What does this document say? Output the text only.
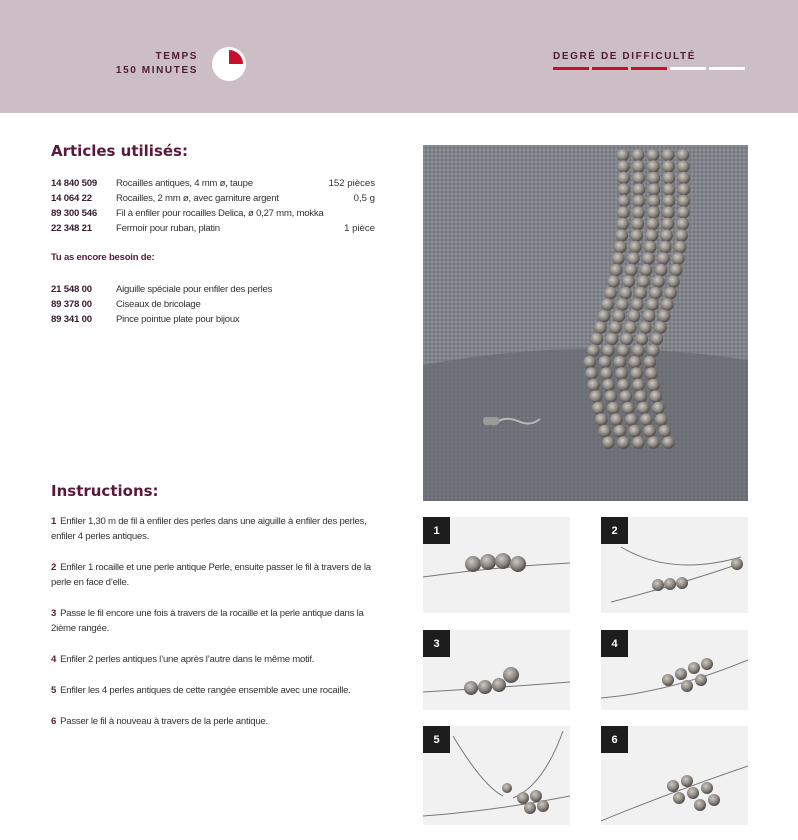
TEMPS
150 MINUTES
DEGRÉ DE DIFFICULTÉ
Articles utilisés:
14 840 509	Rocailles antiques, 4 mm ø, taupe	152 pièces
14 064 22	Rocailles, 2 mm ø, avec garniture argent	0,5 g
89 300 546	Fil à enfiler pour rocailles Delica, ø 0,27 mm, mokka
22 348 21	Fermoir pour ruban, platin	1 pièce
Tu as encore besoin de:
21 548 00	Aiguille spéciale pour enfiler des perles
89 378 00	Ciseaux de bricolage
89 341 00	Pince pointue plate pour bijoux
Instructions:

1 Enfiler 1,30 m de fil à enfiler des perles dans une aiguille à enfiler des perles, enfiler 4 perles antiques.

2 Enfiler 1 rocaille et une perle antique Perle, ensuite passer le fil à travers de la perle en face d’elle.

3 Passe le fil encore une fois à travers de la rocaille et la perle antique dans la 2ième rangée.

4 Enfiler 2 perles antiques l’une après l’autre dans le même motif.

5 Enfiler les 4 perles antiques de cette rangée ensemble avec une rocaille.

6 Passer le fil à nouveau à travers de la perle antique.

1	2
3	4
5	6
